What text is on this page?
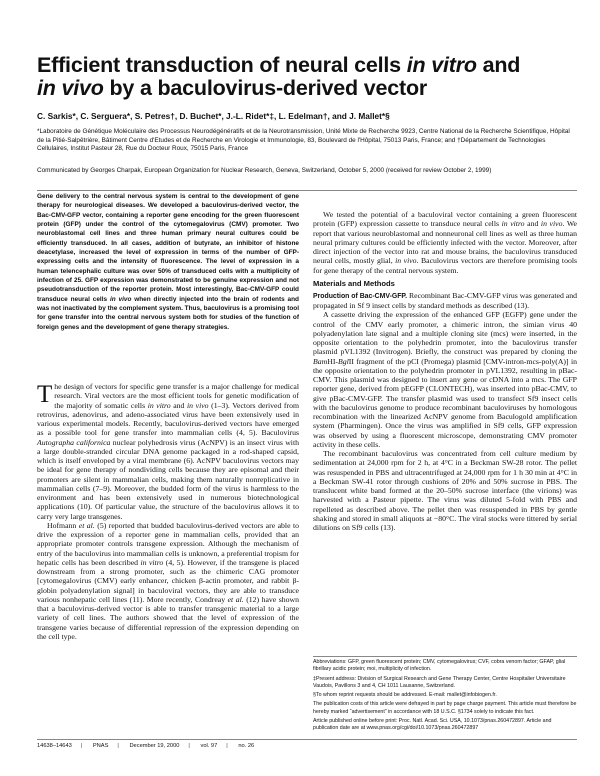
Efficient transduction of neural cells in vitro and
in vivo by a baculovirus-derived vector

C. Sarkis*, C. Serguera*, S. Petres†, D. Buchet*, J.-L. Ridet*‡, L. Edelman†, and J. Mallet*§

*Laboratoire de Génétique Moléculaire des Processus Neurodégénératifs et de la Neurotransmission, Unité Mixte de Recherche 9923, Centre National de la Recherche Scientifique, Hôpital de la Pitié-Salpêtrière, Bâtiment Centre d'Etudes et de Recherche en Virologie et Immunologie, 83, Boulevard de l'Hôpital, 75013 Paris, France; and †Département de Technologies Cellulaires, Institut Pasteur 28, Rue du Docteur Roux, 75015 Paris, France

Communicated by Georges Charpak, European Organization for Nuclear Research, Geneva, Switzerland, October 5, 2000 (received for review October 2, 1999)

Gene delivery to the central nervous system is central to the development of gene therapy for neurological diseases. We developed a baculovirus-derived vector, the Bac-CMV-GFP vector, containing a reporter gene encoding for the green fluorescent protein (GFP) under the control of the cytomegalovirus (CMV) promoter. Two neuroblastomal cell lines and three human primary neural cultures could be efficiently transduced. In all cases, addition of butyrate, an inhibitor of histone deacetylase, increased the level of expression in terms of the number of GFP-expressing cells and the intensity of fluorescence. The level of expression in a human telencephalic culture was over 50% of transduced cells with a multiplicity of infection of 25. GFP expression was demonstrated to be genuine expression and not pseudotransduction of the reporter protein. Most interestingly, Bac-CMV-GFP could transduce neural cells in vivo when directly injected into the brain of rodents and was not inactivated by the complement system. Thus, baculovirus is a promising tool for gene transfer into the central nervous system both for studies of the function of foreign genes and the development of gene therapy strategies.

The design of vectors for specific gene transfer is a major challenge for medical research. Viral vectors are the most efficient tools for genetic modification of the majority of somatic cells in vitro and in vivo (1–3). Vectors derived from retrovirus, adenovirus, and adeno-associated virus have been extensively used in various experimental models. Recently, baculovirus-derived vectors have emerged as a possible tool for gene transfer into mammalian cells (4, 5). Baculovirus Autographa californica nuclear polyhedrosis virus (AcNPV) is an insect virus with a large double-stranded circular DNA genome packaged in a rod-shaped capsid, which is itself enveloped by a viral membrane (6). AcNPV baculovirus vectors may be ideal for gene therapy of nondividing cells because they are episomal and their promoters are silent in mammalian cells, making them naturally nonreplicative in mammalian cells (7–9). Moreover, the budded form of the virus is harmless to the environment and has been extensively used in numerous biotechnological applications (10). Of particular value, the structure of the baculovirus allows it to carry very large transgenes.

Hofmann et al. (5) reported that budded baculovirus-derived vectors are able to drive the expression of a reporter gene in mammalian cells, provided that an appropriate promoter controls transgene expression. Although the mechanism of entry of the baculovirus into mammalian cells is unknown, a preferential tropism for hepatic cells has been described in vitro (4, 5). However, if the transgene is placed downstream from a strong promoter, such as the chimeric CAG promoter [cytomegalovirus (CMV) early enhancer, chicken β-actin promoter, and rabbit β-globin polyadenylation signal] in baculoviral vectors, they are able to transduce various nonhepatic cell lines (11). More recently, Condreay et al. (12) have shown that a baculovirus-derived vector is able to transfer transgenic material to a large variety of cell lines. The authors showed that the level of expression of the transgene varies because of differential repression of the expression depending on the cell type.

We tested the potential of a baculoviral vector containing a green fluorescent protein (GFP) expression cassette to transduce neural cells in vitro and in vivo. We report that various neuroblastomal and nonneuronal cell lines as well as three human neural primary cultures could be efficiently infected with the vector. Moreover, after direct injection of the vector into rat and mouse brains, the baculovirus transduced neural cells, mostly glial, in vivo. Baculovirus vectors are therefore promising tools for gene therapy of the central nervous system.

Materials and Methods

Production of Bac-CMV-GFP. Recombinant Bac-CMV-GFP virus was generated and propagated in Sf 9 insect cells by standard methods as described (13).

A cassette driving the expression of the enhanced GFP (EGFP) gene under the control of the CMV early promoter, a chimeric intron, the simian virus 40 polyadenylation late signal and a multiple cloning site (mcs) were inserted, in the opposite orientation to the polyhedrin promoter, into the baculovirus transfer plasmid pVL1392 (Invitrogen). Briefly, the construct was prepared by cloning the BamHI-BglII fragment of the pCI (Promega) plasmid [CMV-intron-mcs-poly(A)] in the opposite orientation to the polyhedrin promoter in pVL1392, resulting in pBac-CMV. This plasmid was designed to insert any gene or cDNA into a mcs. The GFP reporter gene, derived from pEGFP (CLONTECH), was inserted into pBac-CMV, to give pBac-CMV-GFP. The transfer plasmid was used to transfect Sf9 insect cells with the baculovirus genome to produce recombinant baculoviruses by homologous recombination with the linearized AcNPV genome from Baculogold amplification system (Pharmingen). Once the virus was amplified in Sf9 cells, GFP expression was observed by using a fluorescent microscope, demonstrating CMV promoter activity in these cells.

The recombinant baculovirus was concentrated from cell culture medium by sedimentation at 24,000 rpm for 2 h, at 4°C in a Beckman SW-28 rotor. The pellet was resuspended in PBS and ultracentrifuged at 24,000 rpm for 1 h 30 min at 4°C in a Beckman SW-41 rotor through cushions of 20% and 50% sucrose in PBS. The translucent white band formed at the 20–50% sucrose interface (the virions) was harvested with a Pasteur pipette. The virus was diluted 5-fold with PBS and repelleted as described above. The pellet then was resuspended in PBS by gentle shaking and stored in small aliquots at −80°C. The viral stocks were tittered by serial dilutions on Sf9 cells (13).

Abbreviations: GFP, green fluorescent protein; CMV, cytomegalovirus; CVF, cobra venom factor; GFAP, glial fibrillary acidic protein; moi, multiplicity of infection.

‡Present address: Division of Surgical Research and Gene Therapy Center, Centre Hospitalier Universitaire Vaudois, Pavillons 3 and 4, CH 1011 Lausanne, Switzerland.

§To whom reprint requests should be addressed. E-mail: mallet@infobiogen.fr.

The publication costs of this article were defrayed in part by page charge payment. This article must therefore be hereby marked “advertisement” in accordance with 18 U.S.C. §1734 solely to indicate this fact.

Article published online before print: Proc. Natl. Acad. Sci. USA, 10.1073/pnas.260472897. Article and publication date are at www.pnas.org/cgi/doi/10.1073/pnas.260472897

14638–14643 | PNAS | December 19, 2000 | vol. 97 | no. 26
